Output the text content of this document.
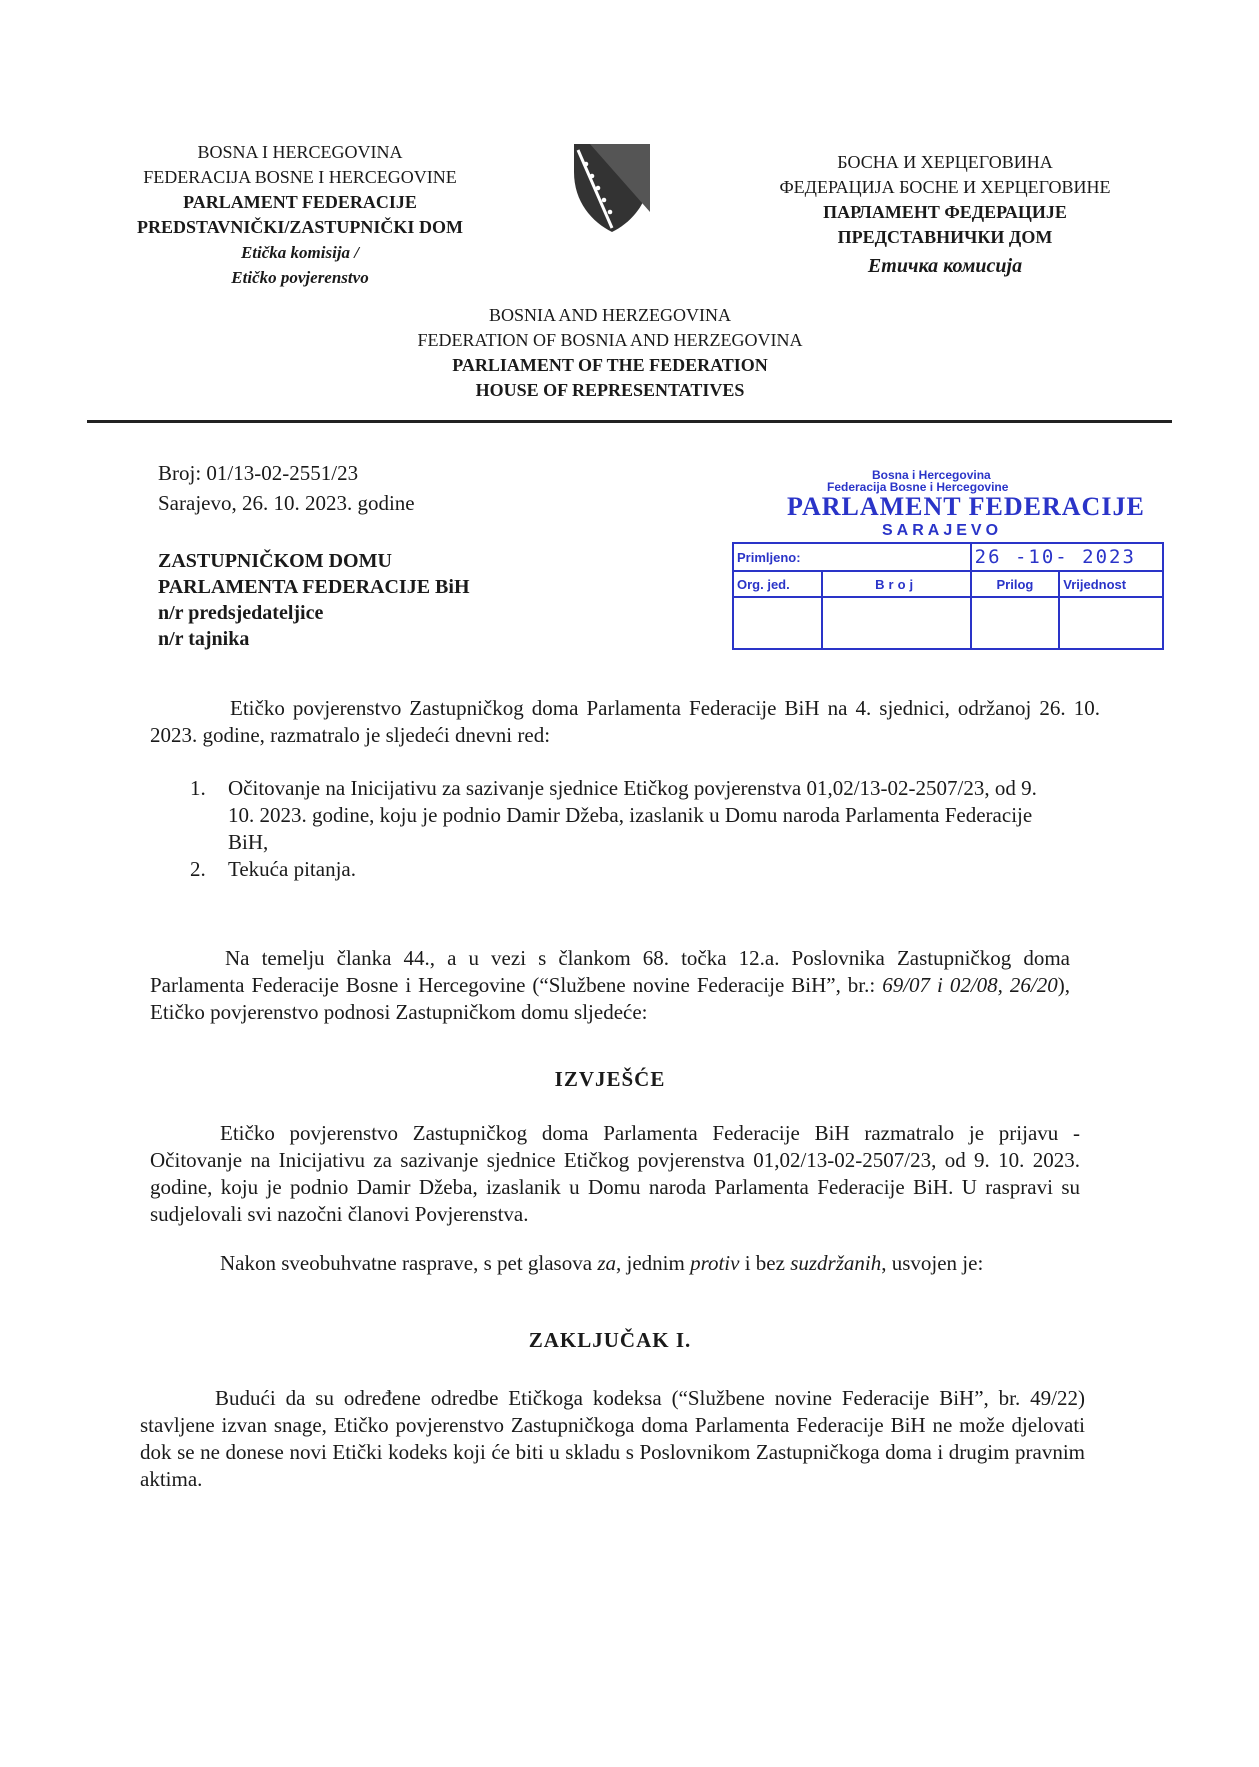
BOSNA I HERCEGOVINA
FEDERACIJA BOSNE I HERCEGOVINE
PARLAMENT FEDERACIJE
PREDSTAVNIČKI/ZASTUPNIČKI DOM
Etička komisija /
Etičko povjerenstvo
БОСНА И ХЕРЦЕГОВИНА
ФЕДЕРАЦИЈА БОСНЕ И ХЕРЦЕГОВИНЕ
ПАРЛАМЕНТ ФЕДЕРАЦИЈЕ
ПРЕДСТАВНИЧКИ ДОМ
Етичка комисија
BOSNIA AND HERZEGOVINA
FEDERATION OF BOSNIA AND HERZEGOVINA
PARLIAMENT OF THE FEDERATION
HOUSE OF REPRESENTATIVES
Broj: 01/13-02-2551/23
Sarajevo, 26. 10. 2023. godine
ZASTUPNIČKOM DOMU
PARLAMENTA FEDERACIJE BiH
n/r predsjedateljice
n/r tajnika
Bosna i Hercegovina
Federacija Bosne i Hercegovine
PARLAMENT FEDERACIJE
SARAJEVO
Primljeno:		26 -10- 2023	
Org. jed.	Broj	Prilog	Vrijednost

Etičko povjerenstvo Zastupničkog doma Parlamenta Federacije BiH na 4. sjednici, održanoj 26. 10. 2023. godine, razmatralo je sljedeći dnevni red:
1. Očitovanje na Inicijativu za sazivanje sjednice Etičkog povjerenstva 01,02/13-02-2507/23, od 9. 10. 2023. godine, koju je podnio Damir Džeba, izaslanik u Domu naroda Parlamenta Federacije BiH,
2. Tekuća pitanja.
Na temelju članka 44., a u vezi s člankom 68. točka 12.a. Poslovnika Zastupničkog doma Parlamenta Federacije Bosne i Hercegovine (“Službene novine Federacije BiH”, br.: 69/07 i 02/08, 26/20), Etičko povjerenstvo podnosi Zastupničkom domu sljedeće:
IZVJEŠĆE
Etičko povjerenstvo Zastupničkog doma Parlamenta Federacije BiH razmatralo je prijavu - Očitovanje na Inicijativu za sazivanje sjednice Etičkog povjerenstva 01,02/13-02-2507/23, od 9. 10. 2023. godine, koju je podnio Damir Džeba, izaslanik u Domu naroda Parlamenta Federacije BiH. U raspravi su sudjelovali svi nazočni članovi Povjerenstva.
Nakon sveobuhvatne rasprave, s pet glasova za, jednim protiv i bez suzdržanih, usvojen je:
ZAKLJUČAK I.
Budući da su određene odredbe Etičkoga kodeksa (“Službene novine Federacije BiH”, br. 49/22) stavljene izvan snage, Etičko povjerenstvo Zastupničkoga doma Parlamenta Federacije BiH ne može djelovati dok se ne donese novi Etički kodeks koji će biti u skladu s Poslovnikom Zastupničkoga doma i drugim pravnim aktima.
